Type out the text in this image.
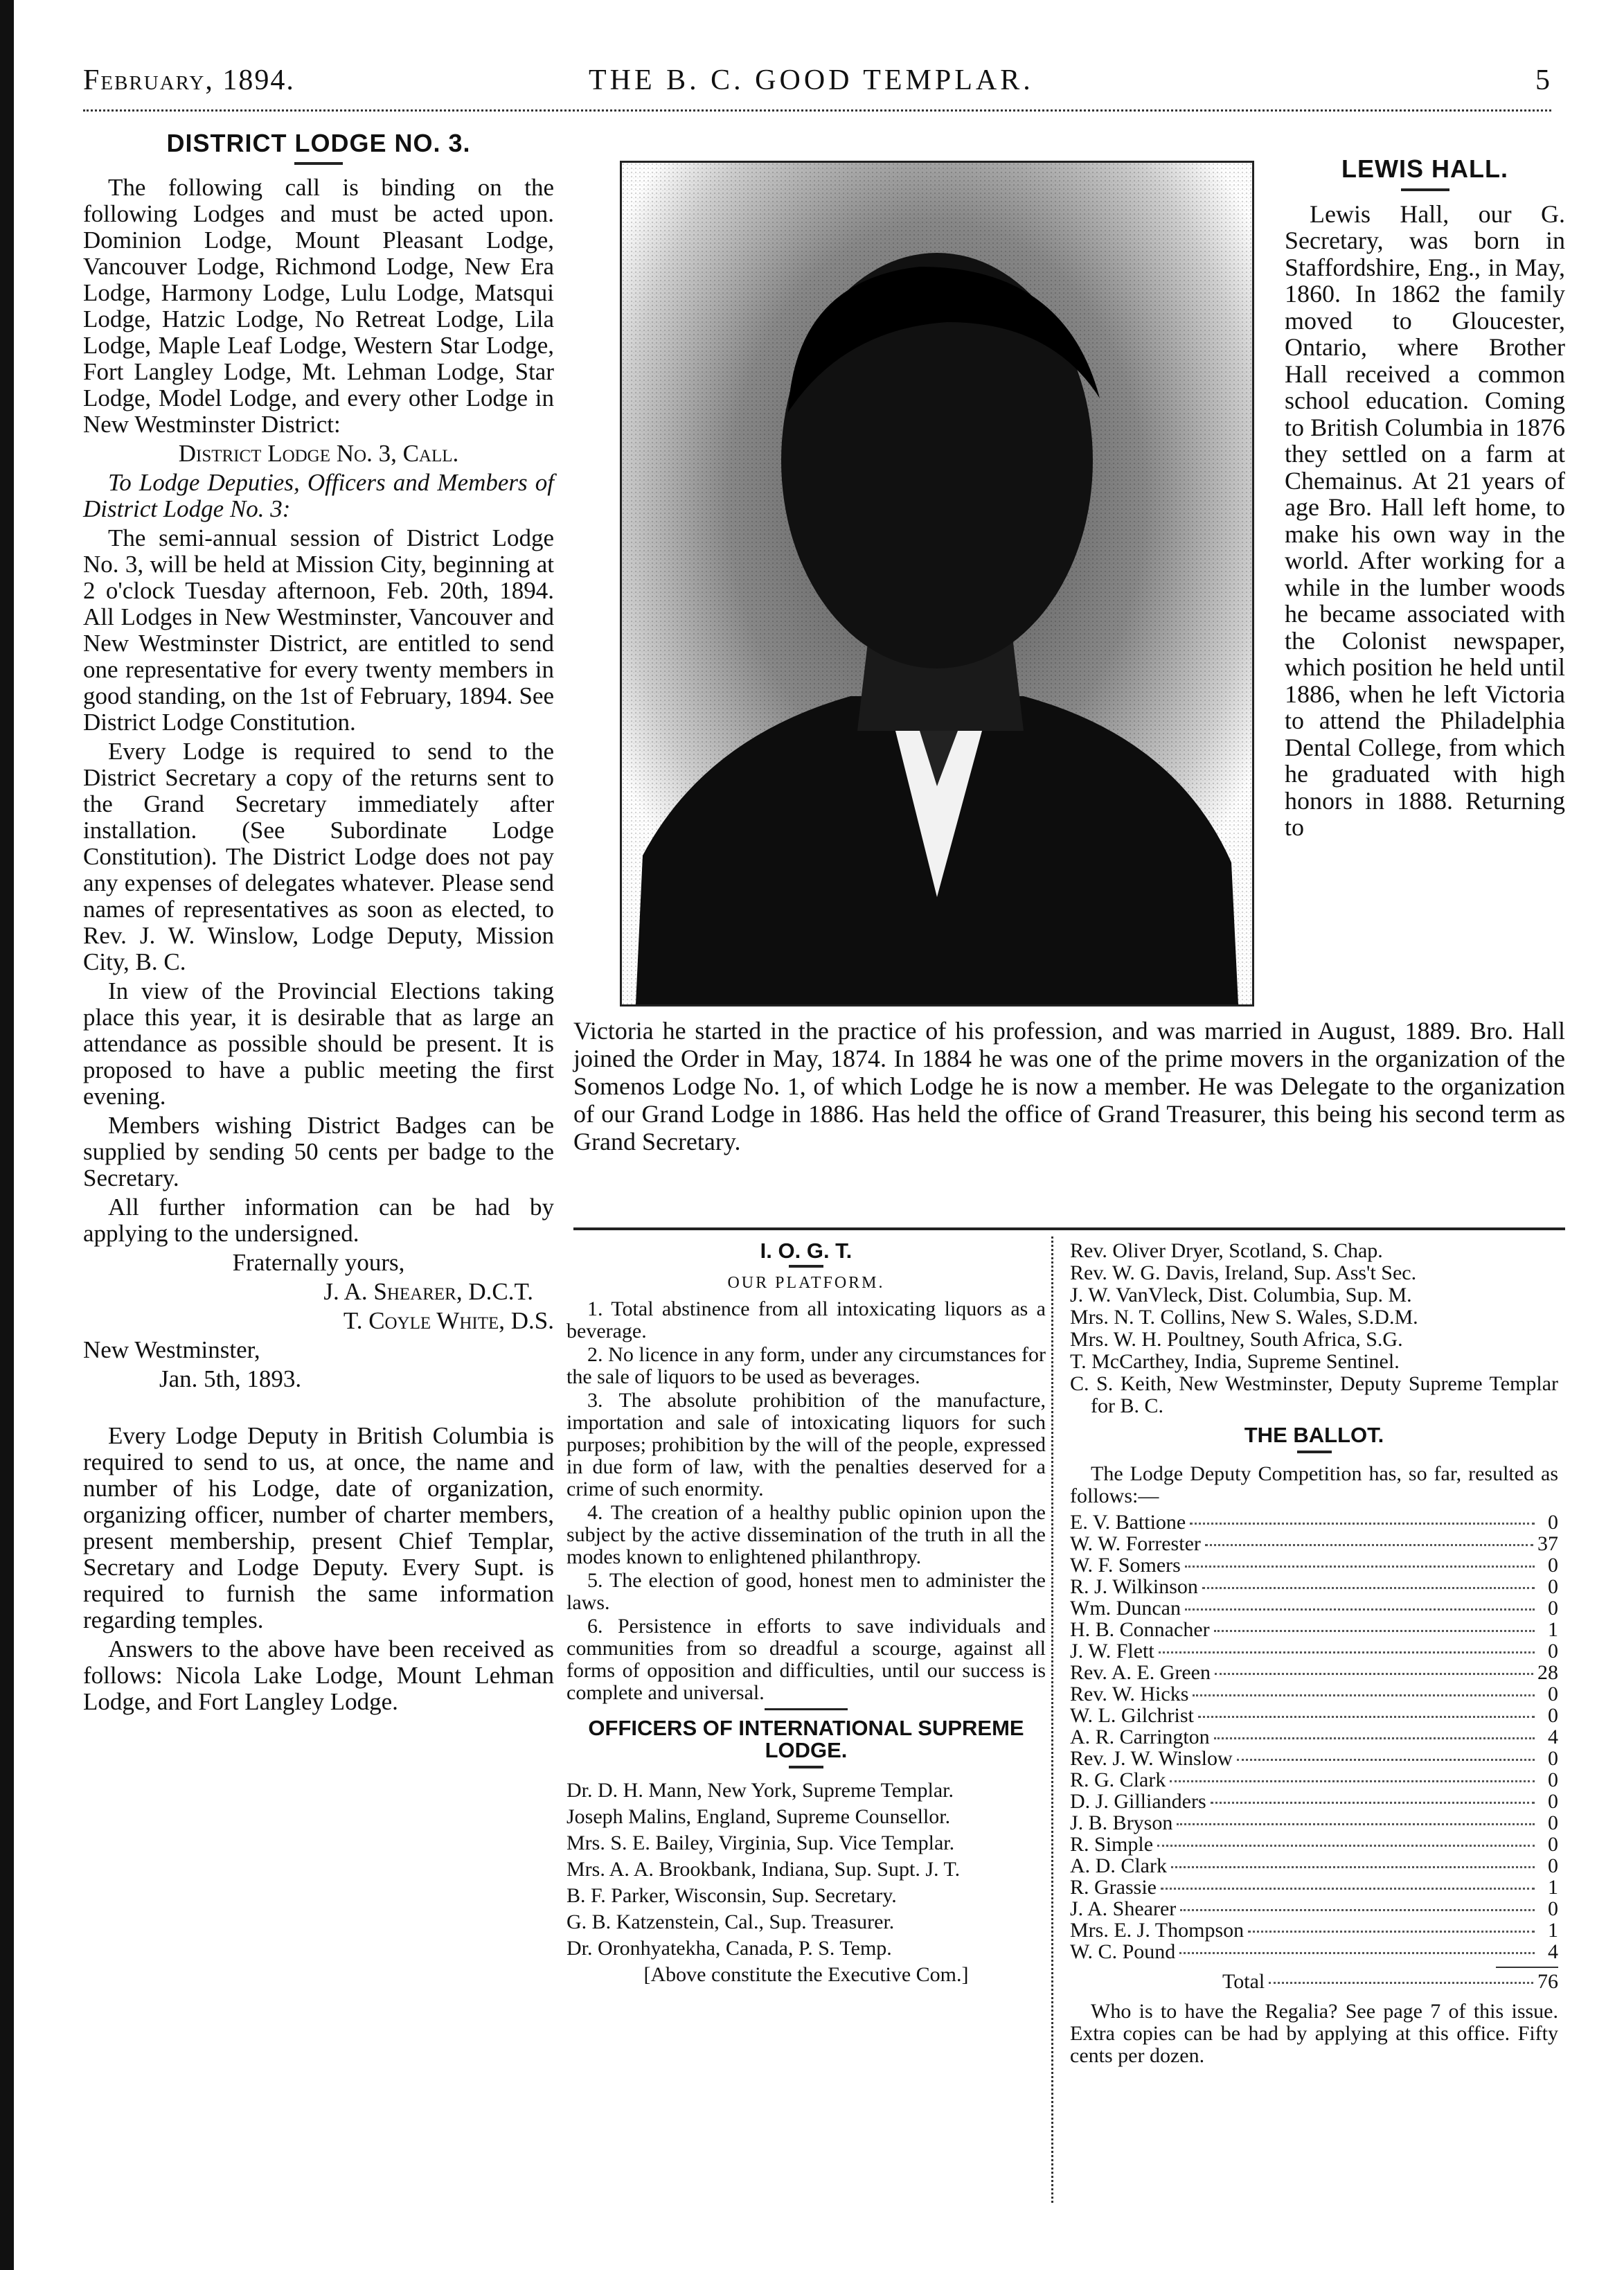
February, 1894.	THE B. C. GOOD TEMPLAR.	5
DISTRICT LODGE NO. 3.

The following call is binding on the following Lodges and must be acted upon. Dominion Lodge, Mount Pleasant Lodge, Vancouver Lodge, Richmond Lodge, New Era Lodge, Harmony Lodge, Lulu Lodge, Matsqui Lodge, Hatzic Lodge, No Retreat Lodge, Lila Lodge, Maple Leaf Lodge, Western Star Lodge, Fort Langley Lodge, Mt. Lehman Lodge, Star Lodge, Model Lodge, and every other Lodge in New Westminster District:

District Lodge No. 3, Call.

To Lodge Deputies, Officers and Members of District Lodge No. 3:

The semi-annual session of District Lodge No. 3, will be held at Mission City, beginning at 2 o'clock Tuesday afternoon, Feb. 20th, 1894. All Lodges in New Westminster, Vancouver and New Westminster District, are entitled to send one representative for every twenty members in good standing, on the 1st of February, 1894. See District Lodge Constitution.

Every Lodge is required to send to the District Secretary a copy of the returns sent to the Grand Secretary immediately after installation. (See Subordinate Lodge Constitution). The District Lodge does not pay any expenses of delegates whatever. Please send names of representatives as soon as elected, to Rev. J. W. Winslow, Lodge Deputy, Mission City, B. C.

In view of the Provincial Elections taking place this year, it is desirable that as large an attendance as possible should be present. It is proposed to have a public meeting the first evening.

Members wishing District Badges can be supplied by sending 50 cents per badge to the Secretary.

All further information can be had by applying to the undersigned.

Fraternally yours,

J. A. Shearer, D.C.T.

T. Coyle White, D.S.

New Westminster,

Jan. 5th, 1893.

Every Lodge Deputy in British Columbia is required to send to us, at once, the name and number of his Lodge, date of organization, organizing officer, number of charter members, present membership, present Chief Templar, Secretary and Lodge Deputy. Every Supt. is required to furnish the same information regarding temples.

Answers to the above have been received as follows: Nicola Lake Lodge, Mount Lehman Lodge, and Fort Langley Lodge.

LEWIS HALL.

Lewis Hall, our G. Secretary, was born in Staffordshire, Eng., in May, 1860. In 1862 the family moved to Gloucester, Ontario, where Brother Hall received a common school education. Coming to British Columbia in 1876 they settled on a farm at Chemainus. At 21 years of age Bro. Hall left home, to make his own way in the world. After working for a while in the lumber woods he became associated with the Colonist newspaper, which position he held until 1886, when he left Victoria to attend the Philadelphia Dental College, from which he graduated with high honors in 1888. Returning to

Victoria he started in the practice of his profession, and was married in August, 1889. Bro. Hall joined the Order in May, 1874. In 1884 he was one of the prime movers in the organization of the Somenos Lodge No. 1, of which Lodge he is now a member. He was Delegate to the organization of our Grand Lodge in 1886. Has held the office of Grand Treasurer, this being his second term as Grand Secretary.

I. O. G. T.
OUR PLATFORM.

1. Total abstinence from all intoxicating liquors as a beverage.

2. No licence in any form, under any circumstances for the sale of liquors to be used as beverages.

3. The absolute prohibition of the manufacture, importation and sale of intoxicating liquors for such purposes; prohibition by the will of the people, expressed in due form of law, with the penalties deserved for a crime of such enormity.

4. The creation of a healthy public opinion upon the subject by the active dissemination of the truth in all the modes known to enlightened philanthropy.

5. The election of good, honest men to administer the laws.

6. Persistence in efforts to save individuals and communities from so dreadful a scourge, against all forms of opposition and difficulties, until our success is complete and universal.

OFFICERS OF INTERNATIONAL SUPREME LODGE.

Dr. D. H. Mann, New York, Supreme Templar.

Joseph Malins, England, Supreme Counsellor.

Mrs. S. E. Bailey, Virginia, Sup. Vice Templar.

Mrs. A. A. Brookbank, Indiana, Sup. Supt. J. T.

B. F. Parker, Wisconsin, Sup. Secretary.

G. B. Katzenstein, Cal., Sup. Treasurer.

Dr. Oronhyatekha, Canada, P. S. Temp.

[Above constitute the Executive Com.]

Rev. Oliver Dryer, Scotland, S. Chap.

Rev. W. G. Davis, Ireland, Sup. Ass't Sec.

J. W. VanVleck, Dist. Columbia, Sup. M.

Mrs. N. T. Collins, New S. Wales, S.D.M.

Mrs. W. H. Poultney, South Africa, S.G.

T. McCarthey, India, Supreme Sentinel.

C. S. Keith, New Westminster, Deputy Supreme Templar for B. C.

THE BALLOT.

The Lodge Deputy Competition has, so far, resulted as follows:—

E. V. Battione	0
W. W. Forrester	37
W. F. Somers	0
R. J. Wilkinson	0
Wm. Duncan	0
H. B. Connacher	1
J. W. Flett	0
Rev. A. E. Green	28
Rev. W. Hicks	0
W. L. Gilchrist	0
A. R. Carrington	4
Rev. J. W. Winslow	0
R. G. Clark	0
D. J. Gillianders	0
J. B. Bryson	0
R. Simple	0
A. D. Clark	0
R. Grassie	1
J. A. Shearer	0
Mrs. E. J. Thompson	1
W. C. Pound	4
Total	76

Who is to have the Regalia? See page 7 of this issue. Extra copies can be had by applying at this office. Fifty cents per dozen.
